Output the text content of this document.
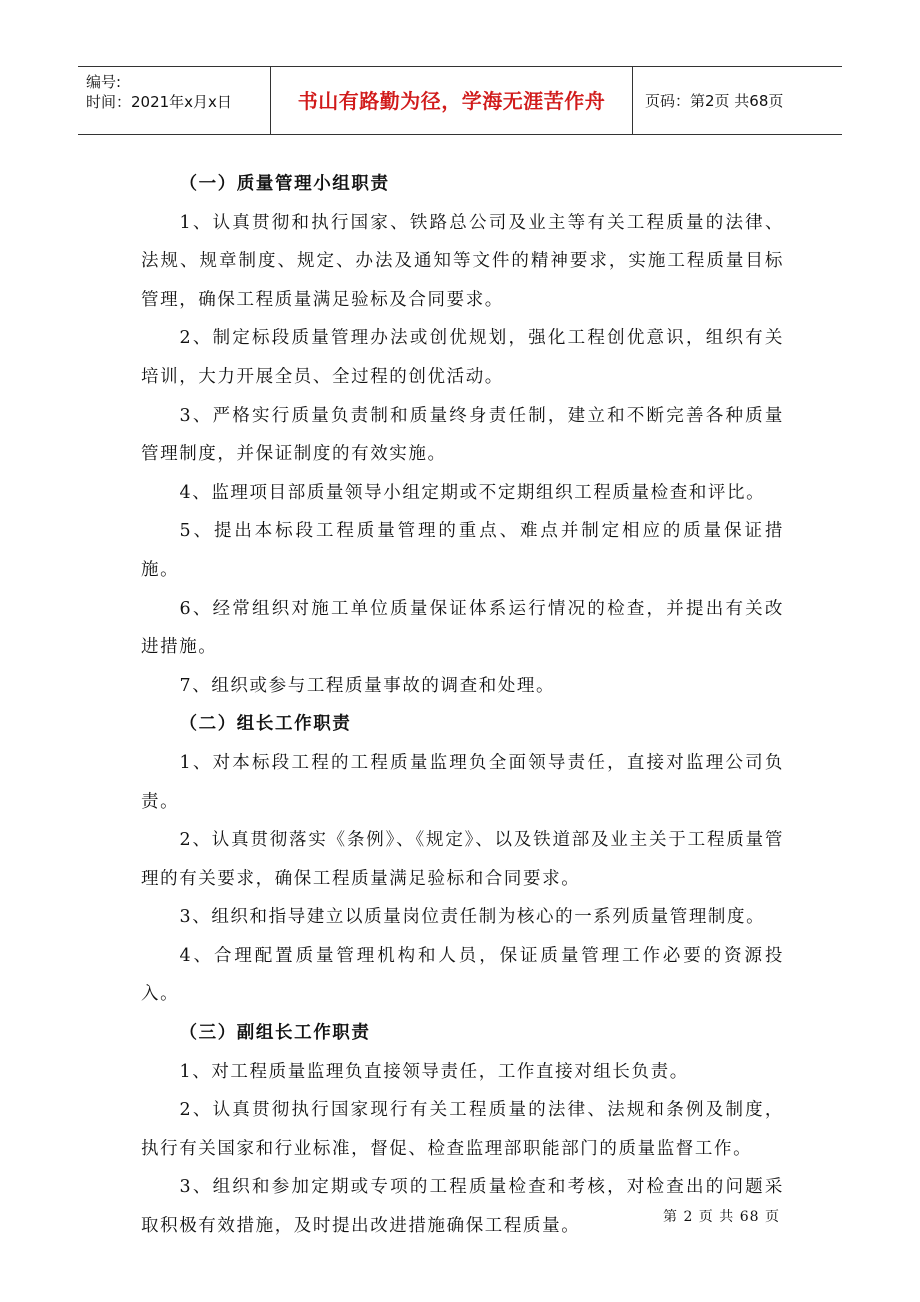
编号:
时间：2021年x月x日	书山有路勤为径，学海无涯苦作舟	页码：第2页 共68页
（一）质量管理小组职责

1、认真贯彻和执行国家、铁路总公司及业主等有关工程质量的法律、法规、规章制度、规定、办法及通知等文件的精神要求，实施工程质量目标管理，确保工程质量满足验标及合同要求。

2、制定标段质量管理办法或创优规划，强化工程创优意识，组织有关培训，大力开展全员、全过程的创优活动。

3、严格实行质量负责制和质量终身责任制，建立和不断完善各种质量管理制度，并保证制度的有效实施。

4、监理项目部质量领导小组定期或不定期组织工程质量检查和评比。

5、提出本标段工程质量管理的重点、难点并制定相应的质量保证措施。

6、经常组织对施工单位质量保证体系运行情况的检查，并提出有关改进措施。

7、组织或参与工程质量事故的调查和处理。

（二）组长工作职责

1、对本标段工程的工程质量监理负全面领导责任，直接对监理公司负责。

2、认真贯彻落实《条例》、《规定》、以及铁道部及业主关于工程质量管理的有关要求，确保工程质量满足验标和合同要求。

3、组织和指导建立以质量岗位责任制为核心的一系列质量管理制度。

4、合理配置质量管理机构和人员，保证质量管理工作必要的资源投入。

（三）副组长工作职责

1、对工程质量监理负直接领导责任，工作直接对组长负责。

2、认真贯彻执行国家现行有关工程质量的法律、法规和条例及制度，执行有关国家和行业标准，督促、检查监理部职能部门的质量监督工作。

3、组织和参加定期或专项的工程质量检查和考核，对检查出的问题采取积极有效措施，及时提出改进措施确保工程质量。	第 2 页 共 68 页
